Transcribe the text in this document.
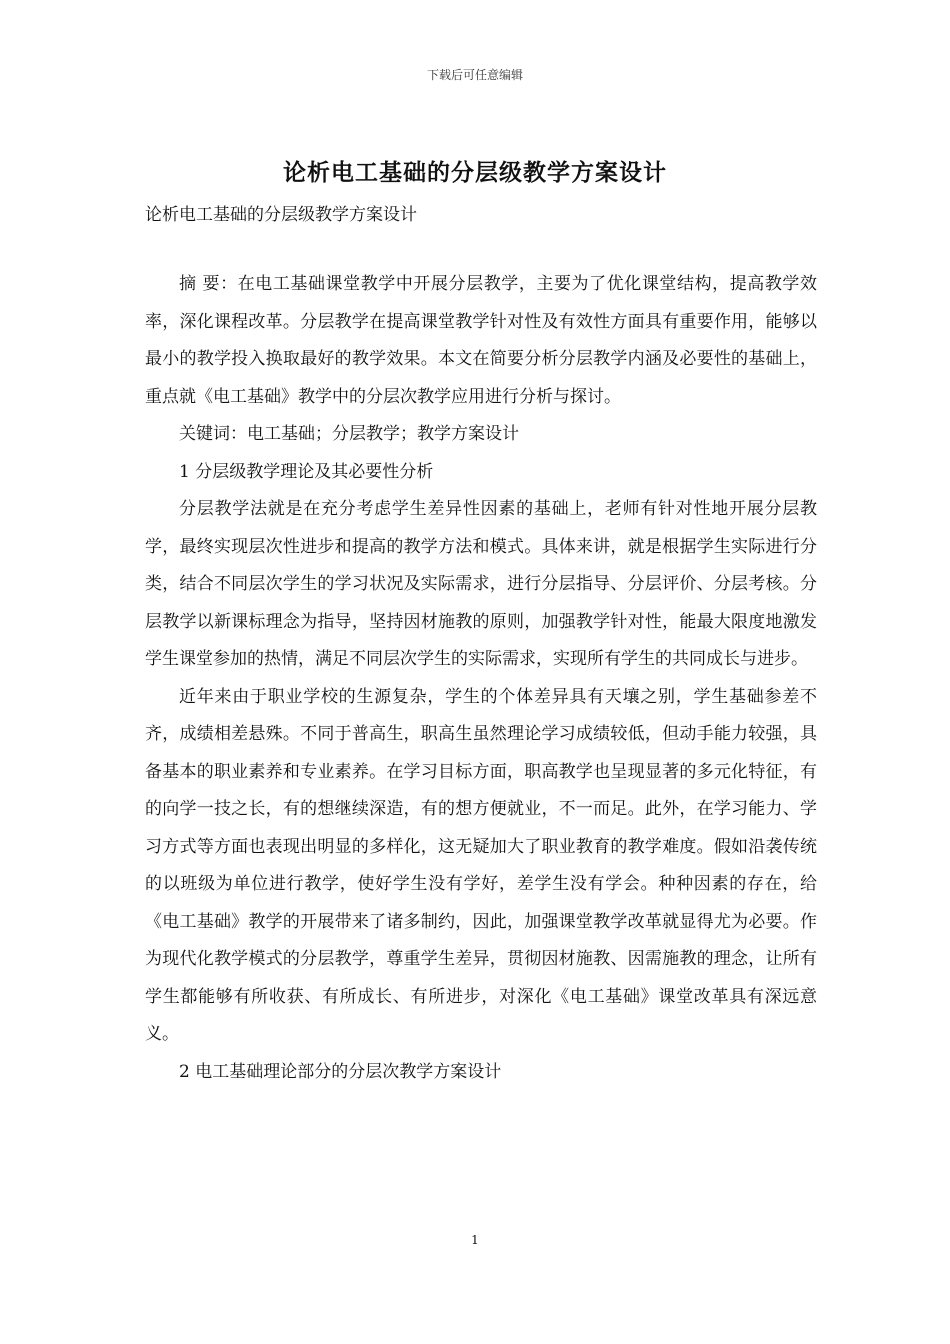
下载后可任意编辑
论析电工基础的分层级教学方案设计
论析电工基础的分层级教学方案设计

摘 要：在电工基础课堂教学中开展分层教学，主要为了优化课堂结构，提高教学效率，深化课程改革。分层教学在提高课堂教学针对性及有效性方面具有重要作用，能够以最小的教学投入换取最好的教学效果。本文在简要分析分层教学内涵及必要性的基础上，重点就《电工基础》教学中的分层次教学应用进行分析与探讨。

关键词：电工基础；分层教学；教学方案设计

1 分层级教学理论及其必要性分析

分层教学法就是在充分考虑学生差异性因素的基础上，老师有针对性地开展分层教学，最终实现层次性进步和提高的教学方法和模式。具体来讲，就是根据学生实际进行分类，结合不同层次学生的学习状况及实际需求，进行分层指导、分层评价、分层考核。分层教学以新课标理念为指导，坚持因材施教的原则，加强教学针对性，能最大限度地激发学生课堂参加的热情，满足不同层次学生的实际需求，实现所有学生的共同成长与进步。

近年来由于职业学校的生源复杂，学生的个体差异具有天壤之别，学生基础参差不齐，成绩相差悬殊。不同于普高生，职高生虽然理论学习成绩较低，但动手能力较强，具备基本的职业素养和专业素养。在学习目标方面，职高教学也呈现显著的多元化特征，有的向学一技之长，有的想继续深造，有的想方便就业，不一而足。此外，在学习能力、学习方式等方面也表现出明显的多样化，这无疑加大了职业教育的教学难度。假如沿袭传统的以班级为单位进行教学，使好学生没有学好，差学生没有学会。种种因素的存在，给《电工基础》教学的开展带来了诸多制约，因此，加强课堂教学改革就显得尤为必要。作为现代化教学模式的分层教学，尊重学生差异，贯彻因材施教、因需施教的理念，让所有学生都能够有所收获、有所成长、有所进步，对深化《电工基础》课堂改革具有深远意义。

2 电工基础理论部分的分层次教学方案设计

1
